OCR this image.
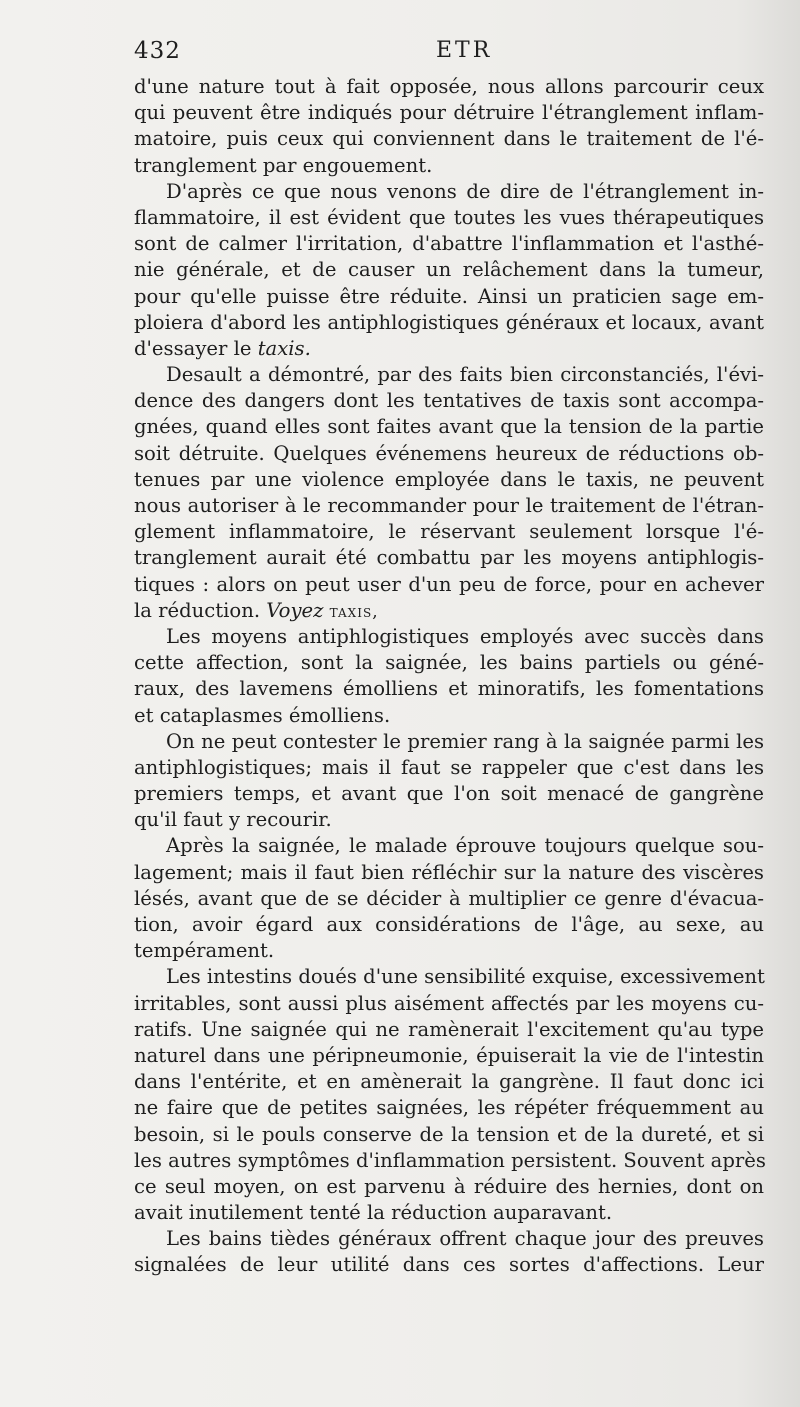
432	ETR
d'une nature tout à fait opposée, nous allons parcourir ceux
qui peuvent être indiqués pour détruire l'étranglement inflam-
matoire, puis ceux qui conviennent dans le traitement de l'é-
tranglement par engouement.
D'après ce que nous venons de dire de l'étranglement in-
flammatoire, il est évident que toutes les vues thérapeutiques
sont de calmer l'irritation, d'abattre l'inflammation et l'asthé-
nie générale, et de causer un relâchement dans la tumeur,
pour qu'elle puisse être réduite. Ainsi un praticien sage em-
ploiera d'abord les antiphlogistiques généraux et locaux, avant
d'essayer le taxis.
Desault a démontré, par des faits bien circonstanciés, l'évi-
dence des dangers dont les tentatives de taxis sont accompa-
gnées, quand elles sont faites avant que la tension de la partie
soit détruite. Quelques événemens heureux de réductions ob-
tenues par une violence employée dans le taxis, ne peuvent
nous autoriser à le recommander pour le traitement de l'étran-
glement inflammatoire, le réservant seulement lorsque l'é-
tranglement aurait été combattu par les moyens antiphlogis-
tiques : alors on peut user d'un peu de force, pour en achever
la réduction. Voyez taxis,
Les moyens antiphlogistiques employés avec succès dans
cette affection, sont la saignée, les bains partiels ou géné-
raux, des lavemens émolliens et minoratifs, les fomentations
et cataplasmes émolliens.
On ne peut contester le premier rang à la saignée parmi les
antiphlogistiques; mais il faut se rappeler que c'est dans les
premiers temps, et avant que l'on soit menacé de gangrène
qu'il faut y recourir.
Après la saignée, le malade éprouve toujours quelque sou-
lagement; mais il faut bien réfléchir sur la nature des viscères
lésés, avant que de se décider à multiplier ce genre d'évacua-
tion, avoir égard aux considérations de l'âge, au sexe, au
tempérament.
Les intestins doués d'une sensibilité exquise, excessivement
irritables, sont aussi plus aisément affectés par les moyens cu-
ratifs. Une saignée qui ne ramènerait l'excitement qu'au type
naturel dans une péripneumonie, épuiserait la vie de l'intestin
dans l'entérite, et en amènerait la gangrène. Il faut donc ici
ne faire que de petites saignées, les répéter fréquemment au
besoin, si le pouls conserve de la tension et de la dureté, et si
les autres symptômes d'inflammation persistent. Souvent après
ce seul moyen, on est parvenu à réduire des hernies, dont on
avait inutilement tenté la réduction auparavant.
Les bains tièdes généraux offrent chaque jour des preuves
signalées de leur utilité dans ces sortes d'affections. Leur
